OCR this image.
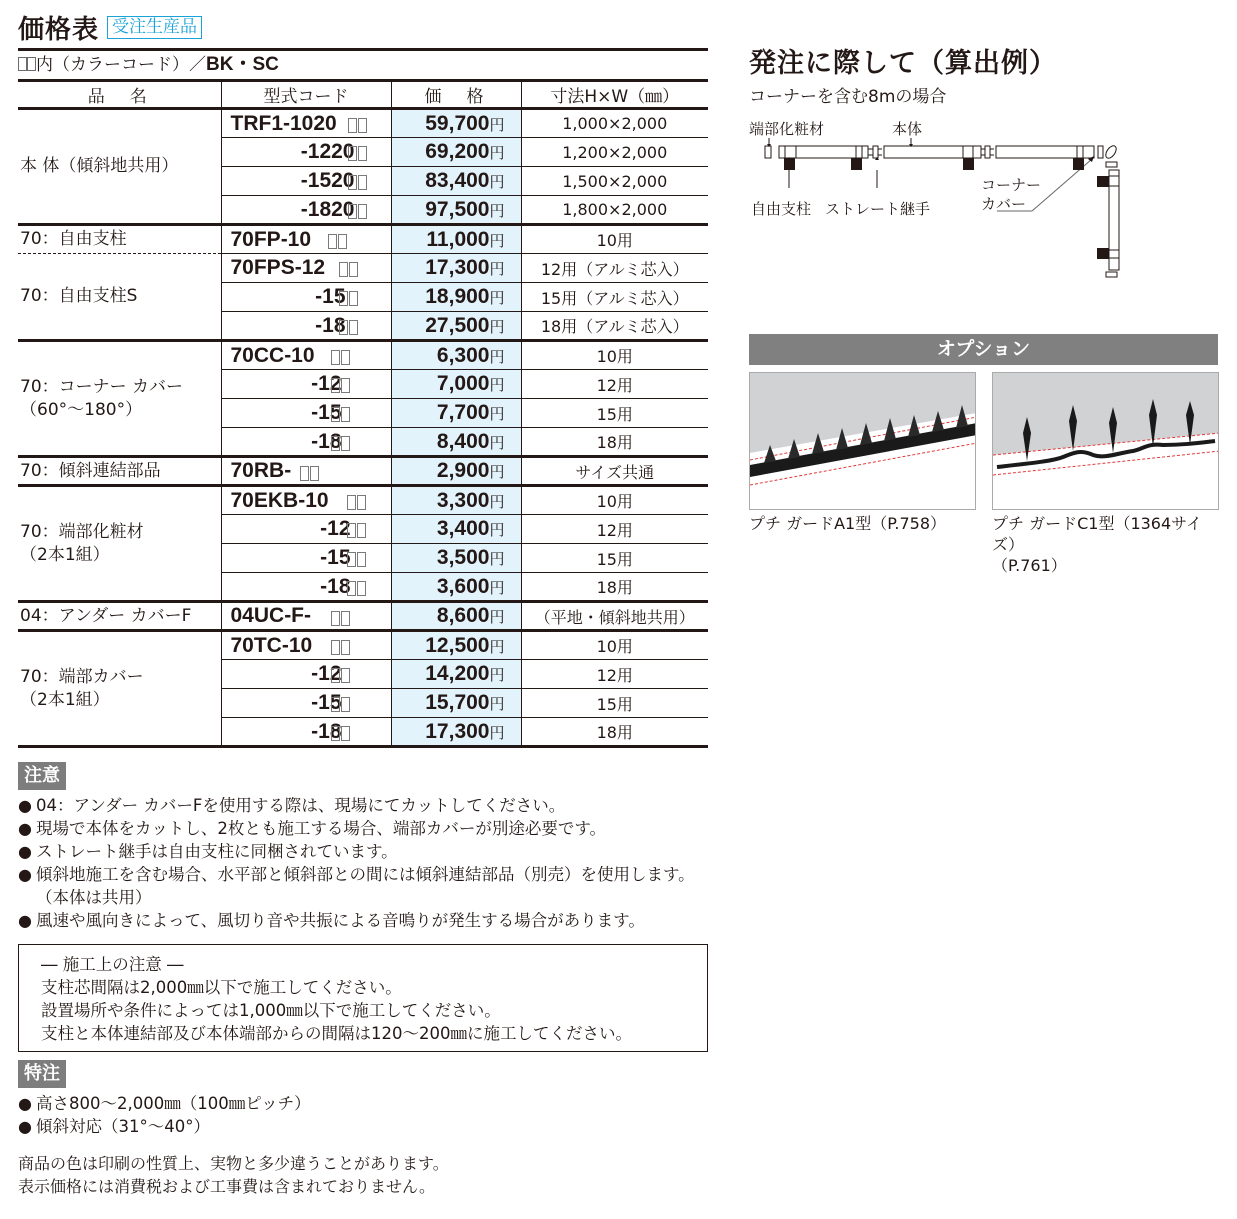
価格表 受注生産品
内（カラーコード）／BK・SC
品　名	型式コード	価　格	寸法H×W（㎜）
本 体（傾斜地共用）	TRF1-1020	59,700円	1,000×2,000
	-1220	69,200円	1,200×2,000
	-1520	83,400円	1,500×2,000
	-1820	97,500円	1,800×2,000
70：自由支柱	70FP-10	11,000円	10用
70：自由支柱S	70FPS-12	17,300円	12用（アルミ芯入）
	-15	18,900円	15用（アルミ芯入）
	-18	27,500円	18用（アルミ芯入）
70：コーナー カバー
（60°～180°）	70CC-10	6,300円	10用
	-12	7,000円	12用
	-15	7,700円	15用
	-18	8,400円	18用
70：傾斜連結部品	70RB-	2,900円	サイズ共通
70：端部化粧材
（2本1組）	70EKB-10	3,300円	10用
	-12	3,400円	12用
	-15	3,500円	15用
	-18	3,600円	18用
04：アンダー カバーF	04UC-F-	8,600円	（平地・傾斜地共用）
70：端部カバー
（2本1組）	70TC-10	12,500円	10用
	-12	14,200円	12用
	-15	15,700円	15用
	-18	17,300円	18用
注意
● 04：アンダー カバーFを使用する際は、現場にてカットしてください。
● 現場で本体をカットし、2枚とも施工する場合、端部カバーが別途必要です。
● ストレート継手は自由支柱に同梱されています。
● 傾斜地施工を含む場合、水平部と傾斜部との間には傾斜連結部品（別売）を使用します。（本体は共用）
● 風速や風向きによって、風切り音や共振による音鳴りが発生する場合があります。
― 施工上の注意 ―
支柱芯間隔は2,000㎜以下で施工してください。
設置場所や条件によっては1,000㎜以下で施工してください。
支柱と本体連結部及び本体端部からの間隔は120～200㎜に施工してください。
特注
● 高さ800～2,000㎜（100㎜ピッチ）
● 傾斜対応（31°～40°）
商品の色は印刷の性質上、実物と多少違うことがあります。
表示価格には消費税および工事費は含まれておりません。
発注に際して（算出例）
コーナーを含む8mの場合
端部化粧材	本体
自由支柱 ストレート継手
コーナー
カバー
オプション
プチ ガードA1型（P.758）	プチ ガードC1型（1364サイズ）
（P.761）
